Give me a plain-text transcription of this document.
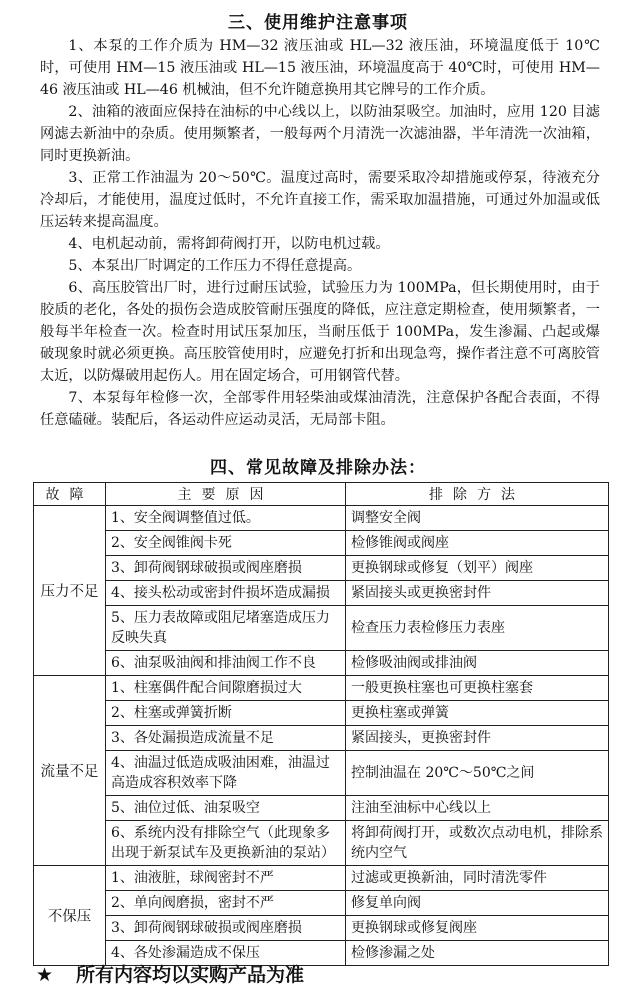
三、使用维护注意事项

1、本泵的工作介质为 HM—32 液压油或 HL—32 液压油，环境温度低于 10℃时，可使用 HM—15 液压油或 HL—15 液压油，环境温度高于 40℃时，可使用 HM—46 液压油或 HL—46 机械油，但不允许随意换用其它牌号的工作介质。

2、油箱的液面应保持在油标的中心线以上，以防油泵吸空。加油时，应用 120 目滤网滤去新油中的杂质。使用频繁者，一般每两个月清洗一次滤油器，半年清洗一次油箱，同时更换新油。

3、正常工作油温为 20～50℃。温度过高时，需要采取冷却措施或停泵，待液充分冷却后，才能使用，温度过低时，不允许直接工作，需采取加温措施，可通过外加温或低压运转来提高温度。

4、电机起动前，需将卸荷阀打开，以防电机过载。

5、本泵出厂时调定的工作压力不得任意提高。

6、高压胶管出厂时，进行过耐压试验，试验压力为 100MPa，但长期使用时，由于胶质的老化，各处的损伤会造成胶管耐压强度的降低，应注意定期检查，使用频繁者，一般每半年检查一次。检查时用试压泵加压，当耐压低于 100MPa，发生渗漏、凸起或爆破现象时就必须更换。高压胶管使用时，应避免打折和出现急弯，操作者注意不可离胶管太近，以防爆破用起伤人。用在固定场合，可用钢管代替。

7、本泵每年检修一次，全部零件用轻柴油或煤油清洗，注意保护各配合表面，不得任意磕碰。装配后，各运动件应运动灵活，无局部卡阻。

四、常见故障及排除办法：
故障	主要原因	排除方法
压力不足	1、安全阀调整值过低。	调整安全阀
	2、安全阀锥阀卡死	检修锥阀或阀座
	3、卸荷阀钢球破损或阀座磨损	更换钢球或修复（划平）阀座
	4、接头松动或密封件损坏造成漏损	紧固接头或更换密封件
	5、压力表故障或阻尼堵塞造成压力反映失真	检查压力表检修压力表座
	6、油泵吸油阀和排油阀工作不良	检修吸油阀或排油阀
流量不足	1、柱塞偶件配合间隙磨损过大	一般更换柱塞也可更换柱塞套
	2、柱塞或弹簧折断	更换柱塞或弹簧
	3、各处漏损造成流量不足	紧固接头，更换密封件
	4、油温过低造成吸油困难，油温过高造成容积效率下降	控制油温在 20℃～50℃之间
	5、油位过低、油泵吸空	注油至油标中心线以上
	6、系统内没有排除空气（此现象多出现于新泵试车及更换新油的泵站）	将卸荷阀打开，或数次点动电机，排除系统内空气
不保压	1、油液脏，球阀密封不严	过滤或更换新油，同时清洗零件
	2、单向阀磨损，密封不严	修复单向阀
	3、卸荷阀钢球破损或阀座磨损	更换钢球或修复阀座
	4、各处渗漏造成不保压	检修渗漏之处
★ 所有内容均以实购产品为准
